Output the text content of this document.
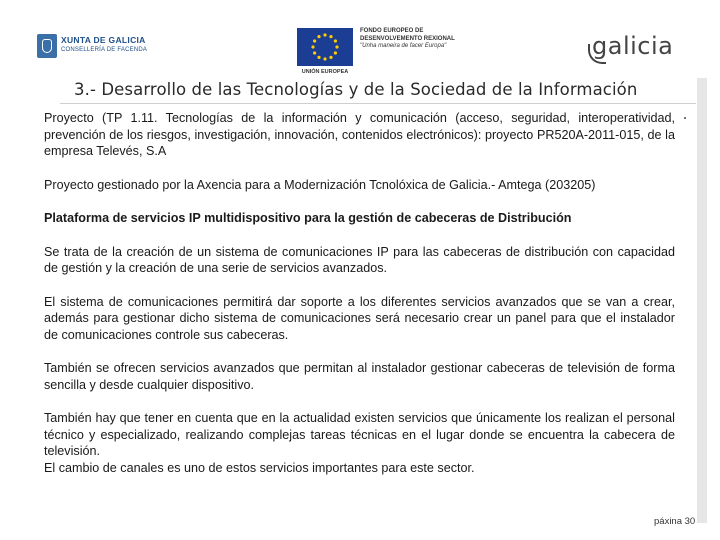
XUNTA DE GALICIA
CONSELLERÍA DE FACENDA
FONDO EUROPEO DE
DESENVOLVEMENTO REXIONAL
"Unha maneira de facer Europa"
UNIÓN EUROPEA
galicia
3.- Desarrollo de las Tecnologías y de la Sociedad de la Información

Proyecto (TP 1.11. Tecnologías de la información y comunicación (acceso, seguridad, interoperatividad, prevención de los riesgos, investigación, innovación, contenidos electrónicos): proyecto PR520A-2011-015, de la empresa Televés, S.A

Proyecto gestionado por la Axencia para a Modernización Tcnolóxica de Galicia.- Amtega (203205)

Plataforma de servicios IP multidispositivo para la gestión de cabeceras de Distribución

Se trata de la creación de un sistema de comunicaciones IP para las cabeceras de distribución con capacidad de gestión y la creación de una serie de servicios avanzados.

El sistema de comunicaciones permitirá dar soporte a los diferentes servicios avanzados que se van a crear, además para gestionar dicho sistema de comunicaciones será necesario crear un panel para que el instalador de comunicaciones controle sus cabeceras.

También se ofrecen servicios avanzados que permitan al instalador gestionar cabeceras de televisión de forma sencilla y desde cualquier dispositivo.

También hay que tener en cuenta que en la actualidad existen servicios que únicamente los realizan el personal técnico y especializado, realizando complejas tareas técnicas en el lugar donde se encuentra la cabecera de televisión.

El cambio de canales es uno de estos servicios importantes para este sector.

páxina 30
